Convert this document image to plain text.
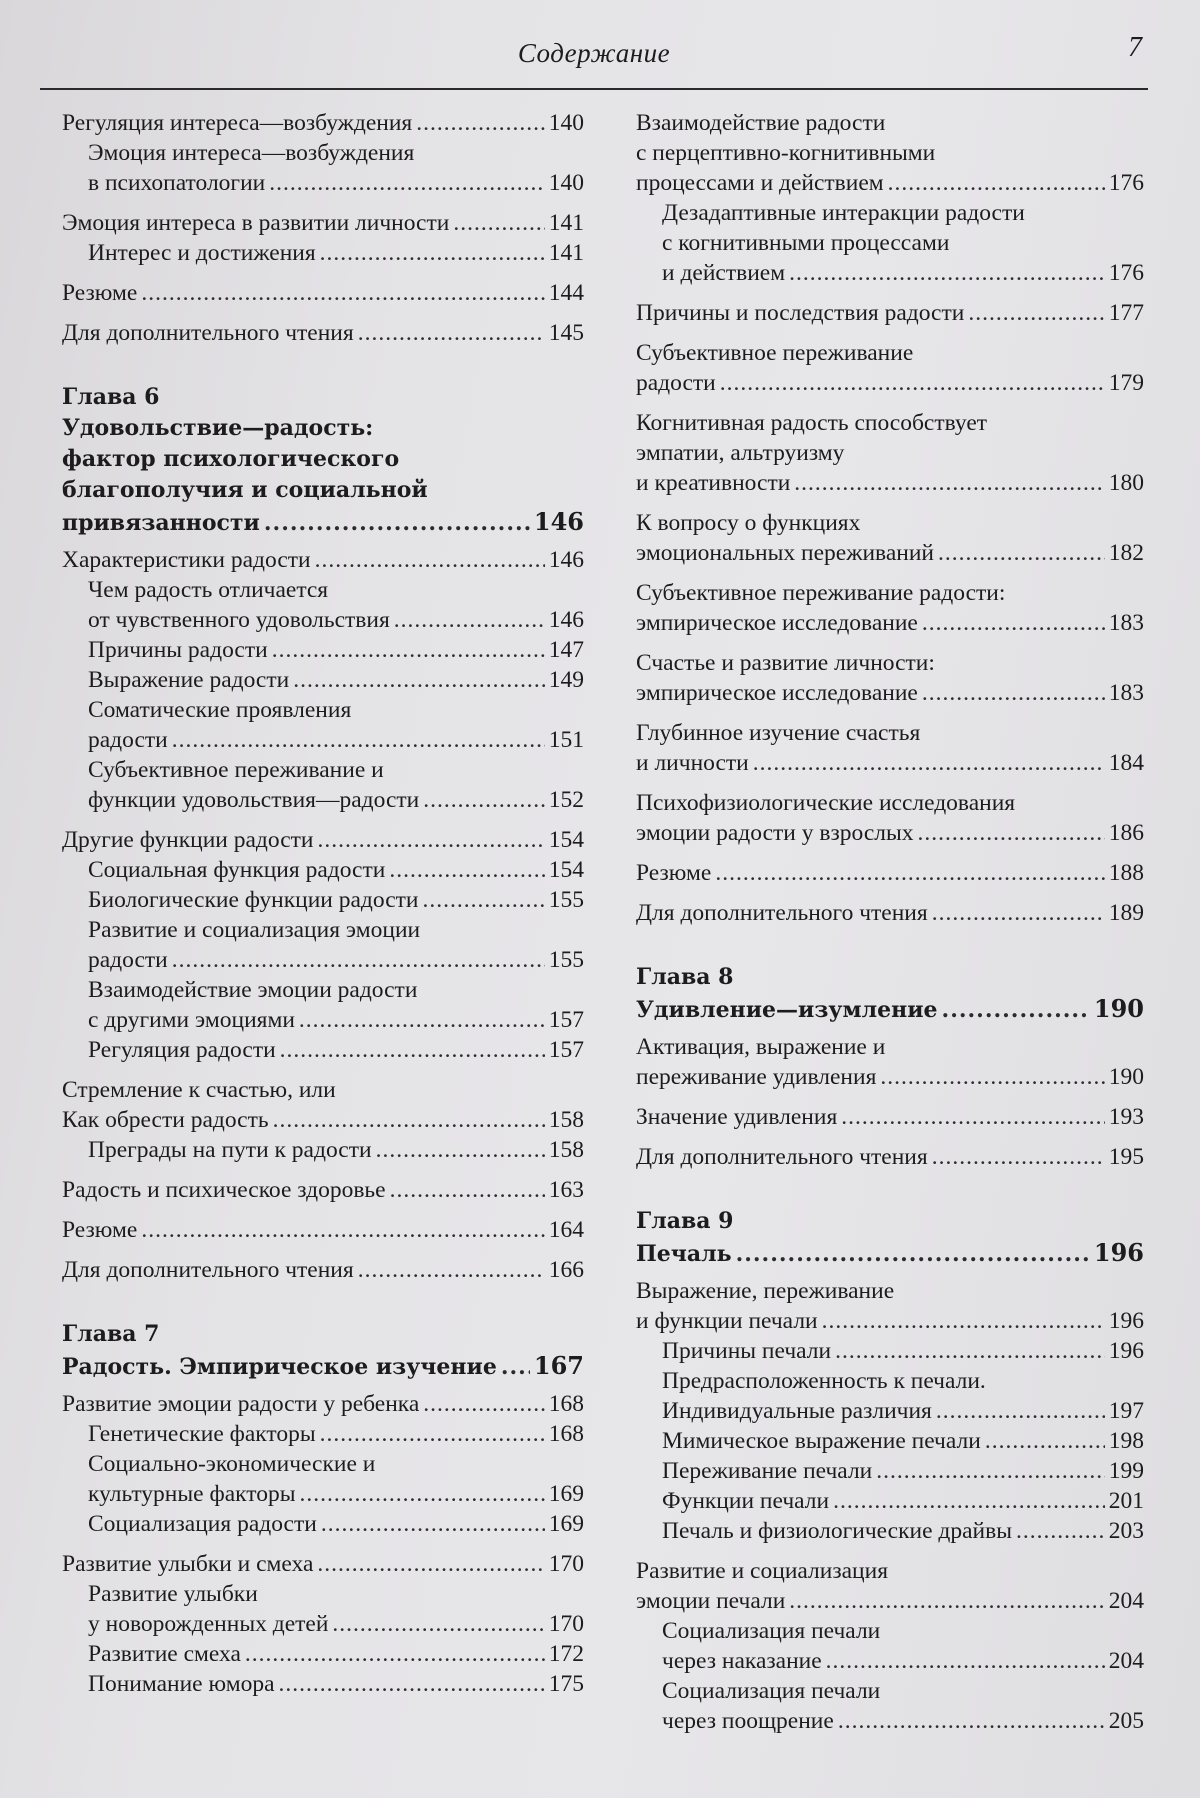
Содержание	7
Регуляция интереса—возбуждения .....	140
Эмоция интереса—возбуждения
в психопатологии .....	140
Эмоция интереса в развитии личности .....	141
Интерес и достижения .....	141
Резюме .....	144
Для дополнительного чтения .....	145
Глава 6
Удовольствие—радость:
фактор психологического
благополучия и социальной
привязанности .....	146
Характеристики радости .....	146
Чем радость отличается
от чувственного удовольствия .....	146
Причины радости .....	147
Выражение радости .....	149
Соматические проявления
радости .....	151
Субъективное переживание и
функции удовольствия—радости .....	152
Другие функции радости .....	154
Социальная функция радости .....	154
Биологические функции радости .....	155
Развитие и социализация эмоции
радости .....	155
Взаимодействие эмоции радости
с другими эмоциями .....	157
Регуляция радости .....	157
Стремление к счастью, или
Как обрести радость .....	158
Преграды на пути к радости .....	158
Радость и психическое здоровье .....	163
Резюме .....	164
Для дополнительного чтения .....	166
Глава 7
Радость. Эмпирическое изучение ..... 167
Развитие эмоции радости у ребенка .....	168
Генетические факторы .....	168
Социально-экономические и
культурные факторы .....	169
Социализация радости .....	169
Развитие улыбки и смеха .....	170
Развитие улыбки
у новорожденных детей .....	170
Развитие смеха .....	172
Понимание юмора .....	175
Взаимодействие радости
с перцептивно-когнитивными
процессами и действием .....	176
Дезадаптивные интеракции радости
с когнитивными процессами
и действием .....	176
Причины и последствия радости .....	177
Субъективное переживание
радости .....	179
Когнитивная радость способствует
эмпатии, альтруизму
и креативности .....	180
К вопросу о функциях
эмоциональных переживаний .....	182
Субъективное переживание радости:
эмпирическое исследование .....	183
Счастье и развитие личности:
эмпирическое исследование .....	183
Глубинное изучение счастья
и личности .....	184
Психофизиологические исследования
эмоции радости у взрослых .....	186
Резюме .....	188
Для дополнительного чтения .....	189
Глава 8
Удивление—изумление .....	190
Активация, выражение и
переживание удивления .....	190
Значение удивления .....	193
Для дополнительного чтения .....	195
Глава 9
Печаль .....	196
Выражение, переживание
и функции печали .....	196
Причины печали .....	196
Предрасположенность к печали.
Индивидуальные различия .....	197
Мимическое выражение печали .....	198
Переживание печали .....	199
Функции печали .....	201
Печаль и физиологические драйвы .....	203
Развитие и социализация
эмоции печали .....	204
Социализация печали
через наказание .....	204
Социализация печали
через поощрение .....	205
